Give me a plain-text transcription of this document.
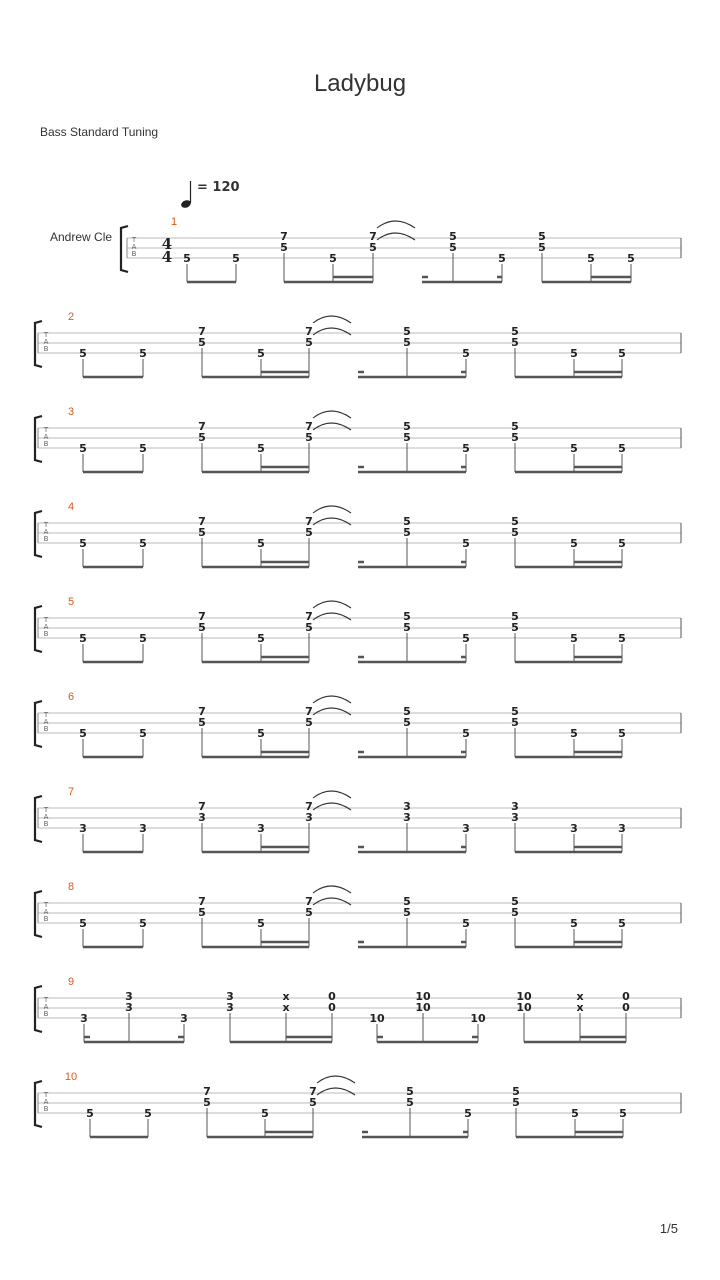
Ladybug
Bass Standard Tuning
= 120
1/5
Andrew Cle	T
A
B
4
4
1
5	5
7
5
5
7
5
5
5
5
5
5
5	5
T
A
B
2
5	5
7
5
5
7
5
5
5
5
5
5
5	5
T
A
B
3
5	5
7
5
5
7
5
5
5
5
5
5
5	5
T
A
B
4
5	5
7
5
5
7
5
5
5
5
5
5
5	5
T
A
B
5
5	5
7
5
5
7
5
5
5
5
5
5
5	5
T
A
B
6
5	5
7
5
5
7
5
5
5
5
5
5
5	5
T
A
B
7
3	3
7
3
3
7
3
3
3
3
3
3
3	3
T
A
B
8
5	5
7
5
5
7
5
5
5
5
5
5
5	5
T
A
B
9
3
3
3
3
3
3
x
x
0
0
10
10
10
10
10
10
x
x
0
0
T
A
B
10
5	5
7
5
5
7
5
5
5
5
5
5
5	5
